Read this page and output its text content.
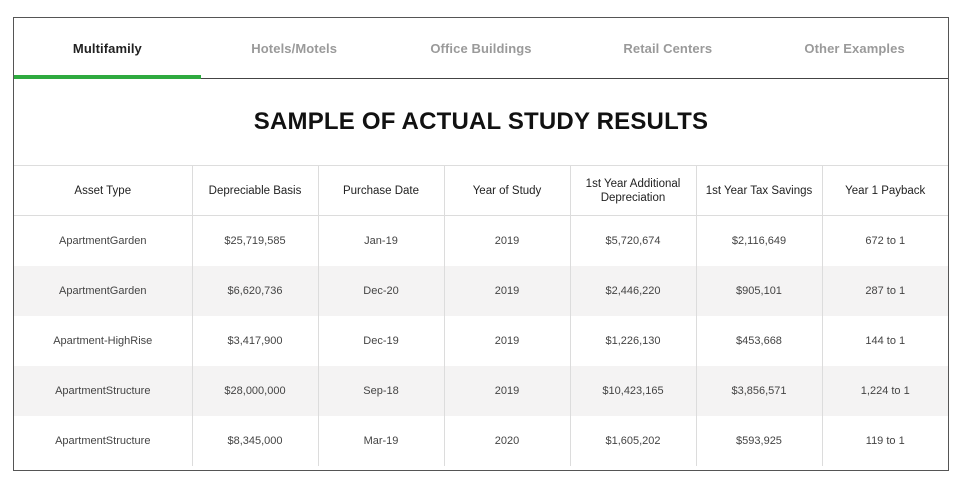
Multifamily	Hotels/Motels	Office Buildings	Retail Centers	Other Examples
SAMPLE OF ACTUAL STUDY RESULTS
Asset Type	Depreciable Basis	Purchase Date	Year of Study	1st Year Additional Depreciation	1st Year Tax Savings	Year 1 Payback
ApartmentGarden	$25,719,585	Jan-19	2019	$5,720,674	$2,116,649	672 to 1
ApartmentGarden	$6,620,736	Dec-20	2019	$2,446,220	$905,101	287 to 1
Apartment-HighRise	$3,417,900	Dec-19	2019	$1,226,130	$453,668	144 to 1
ApartmentStructure	$28,000,000	Sep-18	2019	$10,423,165	$3,856,571	1,224 to 1
ApartmentStructure	$8,345,000	Mar-19	2020	$1,605,202	$593,925	119 to 1
